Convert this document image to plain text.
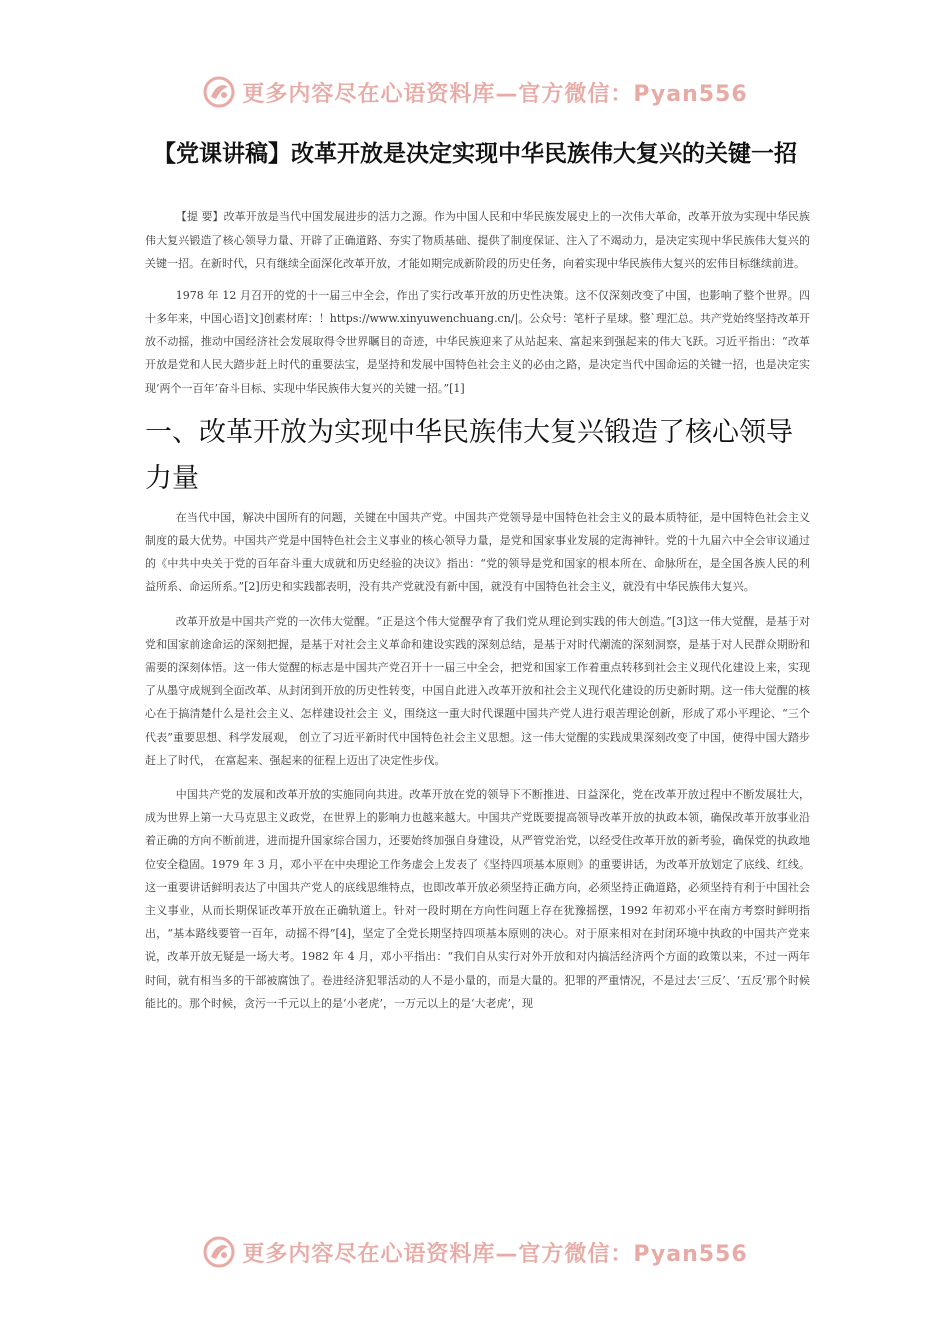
更多内容尽在心语资料库—官方微信：Pyan556
【党课讲稿】改革开放是决定实现中华民族伟大复兴的关键一招

【提 要】改革开放是当代中国发展进步的活力之源。作为中国人民和中华民族发展史上的一次伟大革命，改革开放为实现中华民族伟大复兴锻造了核心领导力量、开辟了正确道路、夯实了物质基础、提供了制度保证、注入了不竭动力，是决定实现中华民族伟大复兴的关键一招。在新时代，只有继续全面深化改革开放，才能如期完成新阶段的历史任务，向着实现中华民族伟大复兴的宏伟目标继续前进。

1978 年 12 月召开的党的十一届三中全会，作出了实行改革开放的历史性决策。这不仅深刻改变了中国，也影响了整个世界。四十多年来，中国心语]文]创素材库：！https://www.xinyuwenchuang.cn/|。公众号：笔杆子星球。整`理汇总。共产党始终坚持改革开放不动摇，推动中国经济社会发展取得令世界瞩目的奇迹，中华民族迎来了从站起来、富起来到强起来的伟大飞跃。习近平指出：“改革开放是党和人民大踏步赶上时代的重要法宝，是坚持和发展中国特色社会主义的必由之路，是决定当代中国命运的关键一招，也是决定实现‘两个一百年’奋斗目标、实现中华民族伟大复兴的关键一招。”[1]

一、改革开放为实现中华民族伟大复兴锻造了核心领导力量

在当代中国，解决中国所有的问题，关键在中国共产党。中国共产党领导是中国特色社会主义的最本质特征，是中国特色社会主义制度的最大优势。中国共产党是中国特色社会主义事业的核心领导力量，是党和国家事业发展的定海神针。党的十九届六中全会审议通过的《中共中央关于党的百年奋斗重大成就和历史经验的决议》指出：“党的领导是党和国家的根本所在、命脉所在，是全国各族人民的利益所系、命运所系。”[2]历史和实践都表明，没有共产党就没有新中国，就没有中国特色社会主义，就没有中华民族伟大复兴。

改革开放是中国共产党的一次伟大觉醒。“正是这个伟大觉醒孕育了我们党从理论到实践的伟大创造。”[3]这一伟大觉醒，是基于对党和国家前途命运的深刻把握，是基于对社会主义革命和建设实践的深刻总结，是基于对时代潮流的深刻洞察，是基于对人民群众期盼和需要的深刻体悟。这一伟大觉醒的标志是中国共产党召开十一届三中全会，把党和国家工作着重点转移到社会主义现代化建设上来，实现了从墨守成规到全面改革、从封闭到开放的历史性转变，中国自此进入改革开放和社会主义现代化建设的历史新时期。这一伟大觉醒的核心在于搞清楚什么是社会主义、怎样建设社会主 义，围绕这一重大时代课题中国共产党人进行艰苦理论创新，形成了邓小平理论、“三个代表”重要思想、科学发展观， 创立了习近平新时代中国特色社会主义思想。这一伟大觉醒的实践成果深刻改变了中国，使得中国大踏步赶上了时代， 在富起来、强起来的征程上迈出了决定性步伐。

中国共产党的发展和改革开放的实施同向共进。改革开放在党的领导下不断推进、日益深化，党在改革开放过程中不断发展壮大，成为世界上第一大马克思主义政党，在世界上的影响力也越来越大。中国共产党既要提高领导改革开放的执政本领，确保改革开放事业沿着正确的方向不断前进，进而提升国家综合国力，还要始终加强自身建设，从严管党治党，以经受住改革开放的新考验，确保党的执政地位安全稳固。1979 年 3 月，邓小平在中央理论工作务虚会上发表了《坚持四项基本原则》的重要讲话，为改革开放划定了底线、红线。这一重要讲话鲜明表达了中国共产党人的底线思维特点，也即改革开放必须坚持正确方向，必须坚持正确道路，必须坚持有利于中国社会主义事业，从而长期保证改革开放在正确轨道上。针对一段时期在方向性问题上存在犹豫摇摆，1992 年初邓小平在南方考察时鲜明指出，“基本路线要管一百年，动摇不得”[4]，坚定了全党长期坚持四项基本原则的决心。对于原来相对在封闭环境中执政的中国共产党来说，改革开放无疑是一场大考。1982 年 4 月，邓小平指出：“我们自从实行对外开放和对内搞活经济两个方面的政策以来，不过一两年时间，就有相当多的干部被腐蚀了。卷进经济犯罪活动的人不是小量的，而是大量的。犯罪的严重情况，不是过去‘三反’、‘五反’那个时候能比的。那个时候，贪污一千元以上的是‘小老虎’，一万元以上的是‘大老虎’，现

更多内容尽在心语资料库—官方微信：Pyan556
